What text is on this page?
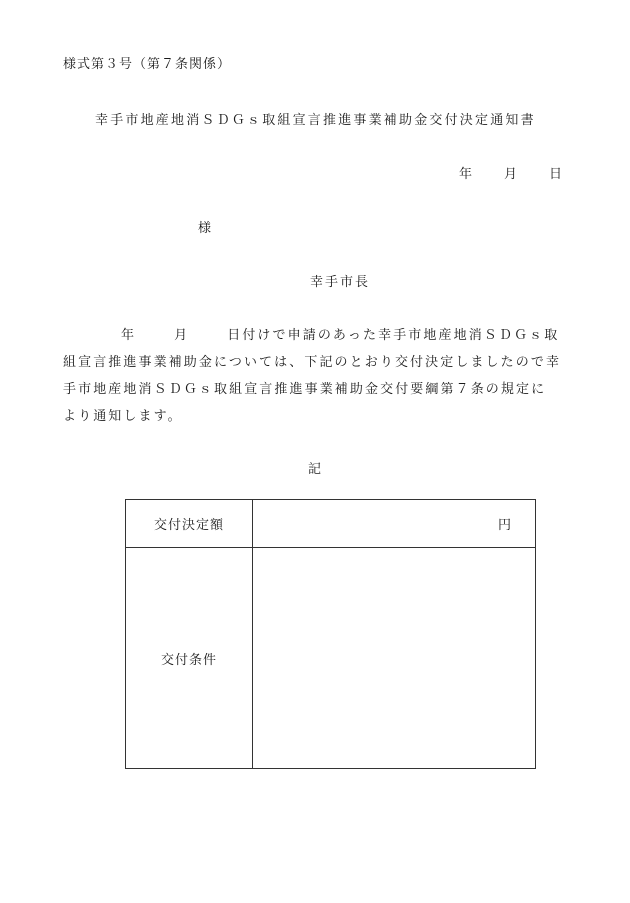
様式第３号（第７条関係）
幸手市地産地消ＳＤＧｓ取組宣言推進事業補助金交付決定通知書
年 月 日
様
幸手市長
年	月	日付けで申請のあった幸手市地産地消ＳＤＧｓ取
組宣言推進事業補助金については、下記のとおり交付決定しましたので幸
手市地産地消ＳＤＧｓ取組宣言推進事業補助金交付要綱第７条の規定に
より通知します。
記
交付決定額	円
交付条件	
